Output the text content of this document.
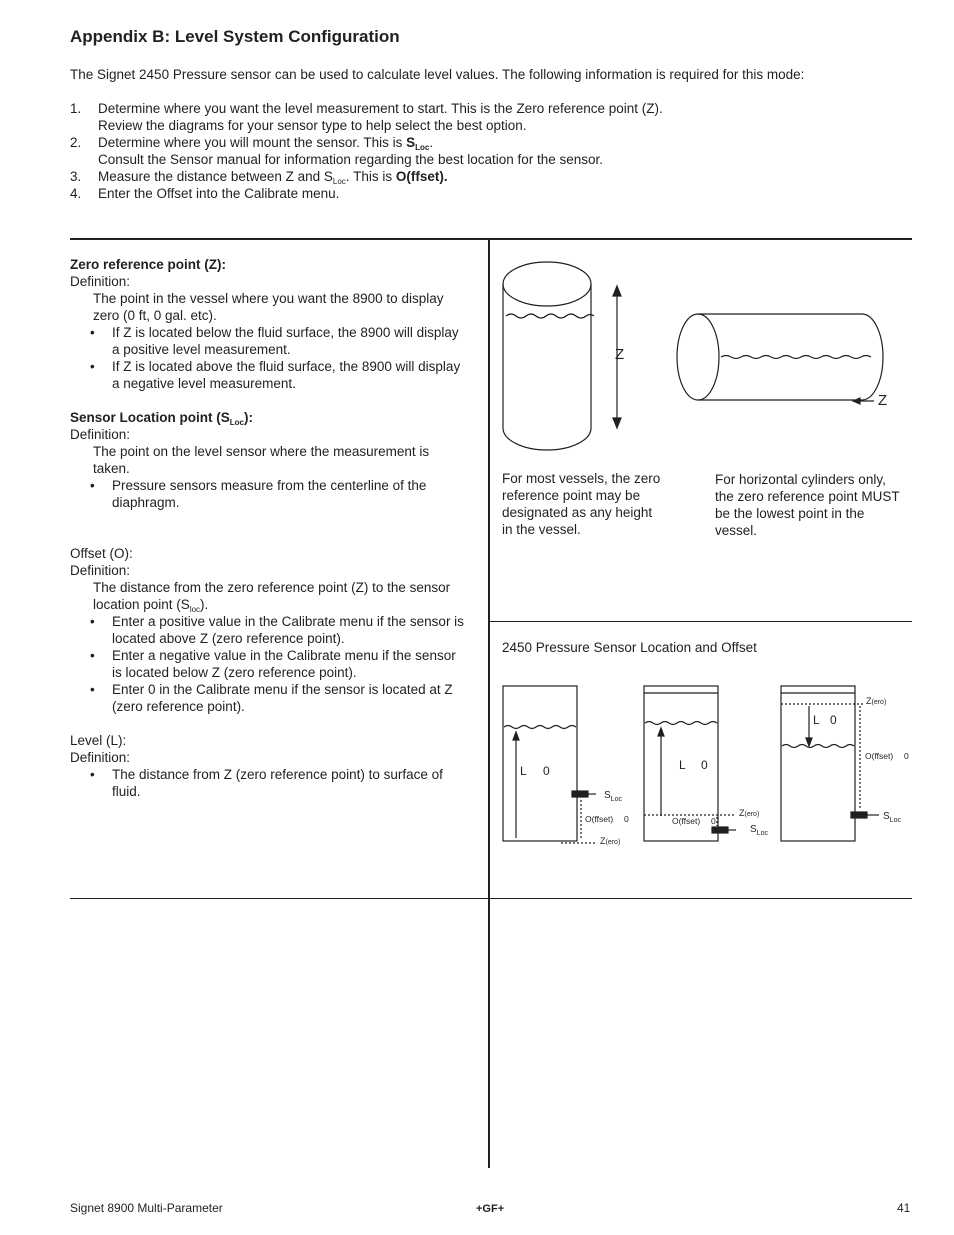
Appendix B: Level System Configuration
The Signet 2450 Pressure sensor can be used to calculate level values. The following information is required for this mode:
1.	Determine where you want the level measurement to start. This is the Zero reference point (Z).
Review the diagrams for your sensor type to help select the best option.
2.	Determine where you will mount the sensor. This is $S_{Loc}$.
Consult the Sensor manual for information regarding the best location for the sensor.
3.	Measure the distance between Z and $S_{Loc}$. This is O(ffset).
4.	Enter the Offset into the Calibrate menu.
Zero reference point (Z):
Definition:
The point in the vessel where you want the 8900 to display
zero (0 ft, 0 gal. etc).
•	If Z is located below the fluid surface, the 8900 will display
a positive level measurement.
•	If Z is located above the fluid surface, the 8900 will display
a negative level measurement.
Sensor Location point $(S_{Loc})$:
Definition:
The point on the level sensor where the measurement is
taken.
•	Pressure sensors measure from the centerline of the
diaphragm.
Offset (O):
Definition:
The distance from the zero reference point (Z) to the sensor
location point $(S_{loc})$.
•	Enter a positive value in the Calibrate menu if the sensor is
located above Z (zero reference point).
•	Enter a negative value in the Calibrate menu if the sensor
is located below Z (zero reference point).
•	Enter 0 in the Calibrate menu if the sensor is located at Z
(zero reference point).
Level (L):
Definition:
•	The distance from Z (zero reference point) to surface of
fluid.
Z
Z
For most vessels, the zero
reference point may be
designated as any height
in the vessel.
For horizontal cylinders only,
the zero reference point MUST
be the lowest point in the
vessel.
2450 Pressure Sensor Location and Offset
L 0
$S_{Loc}$
O(ffset) 0
Z(ero)
L 0
Z(ero)
O(ffset) 0
$S_{Loc}$
Z(ero)
L 0
O(ffset) 0
$S_{Loc}$
Signet 8900 Multi-Parameter	+GF+	41
